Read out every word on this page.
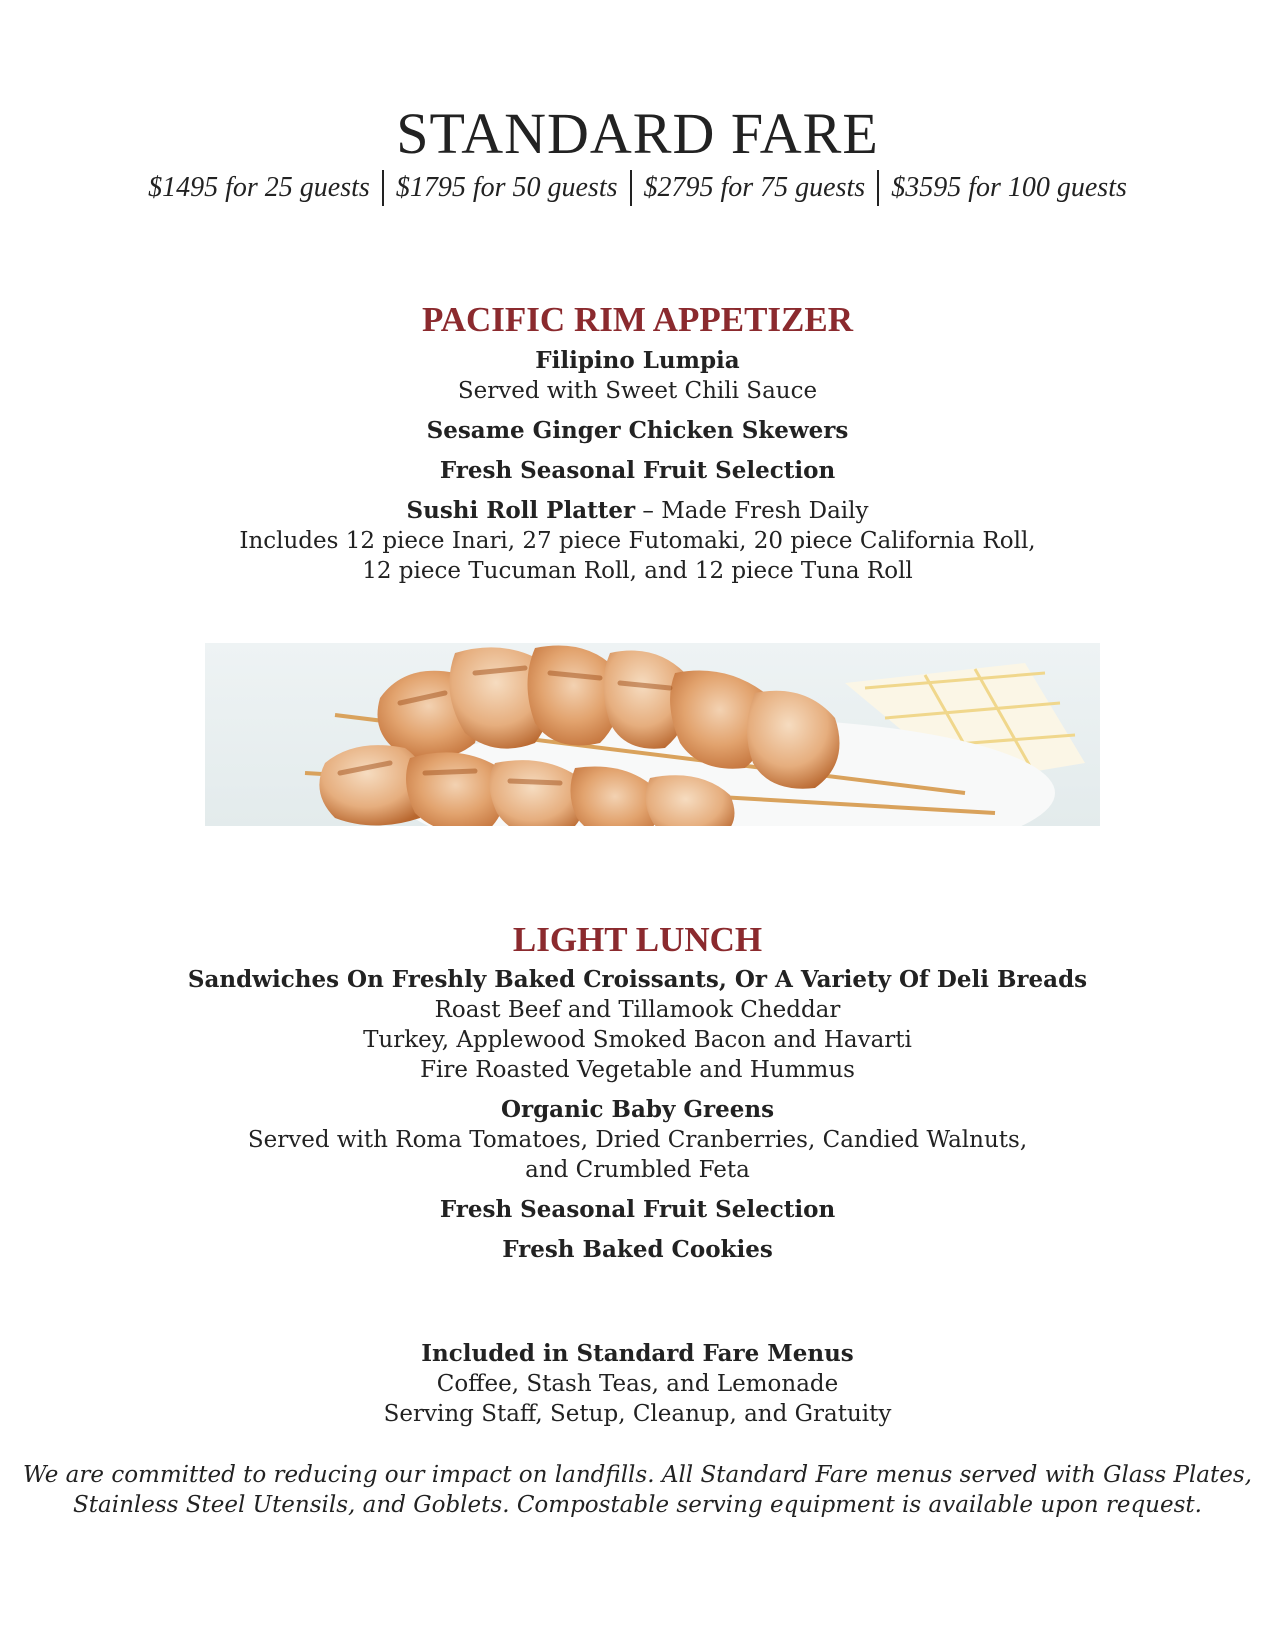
STANDARD FARE
$1495 for 25 guests $1795 for 50 guests $2795 for 75 guests $3595 for 100 guests
PACIFIC RIM APPETIZER
Filipino Lumpia
Served with Sweet Chili Sauce
Sesame Ginger Chicken Skewers
Fresh Seasonal Fruit Selection
Sushi Roll Platter – Made Fresh Daily
Includes 12 piece Inari, 27 piece Futomaki, 20 piece California Roll,
12 piece Tucuman Roll, and 12 piece Tuna Roll
LIGHT LUNCH
Sandwiches On Freshly Baked Croissants, Or A Variety Of Deli Breads
Roast Beef and Tillamook Cheddar
Turkey, Applewood Smoked Bacon and Havarti
Fire Roasted Vegetable and Hummus
Organic Baby Greens
Served with Roma Tomatoes, Dried Cranberries, Candied Walnuts,
and Crumbled Feta
Fresh Seasonal Fruit Selection
Fresh Baked Cookies
Included in Standard Fare Menus
Coffee, Stash Teas, and Lemonade
Serving Staff, Setup, Cleanup, and Gratuity
We are committed to reducing our impact on landfills. All Standard Fare menus served with Glass Plates,
Stainless Steel Utensils, and Goblets. Compostable serving equipment is available upon request.
